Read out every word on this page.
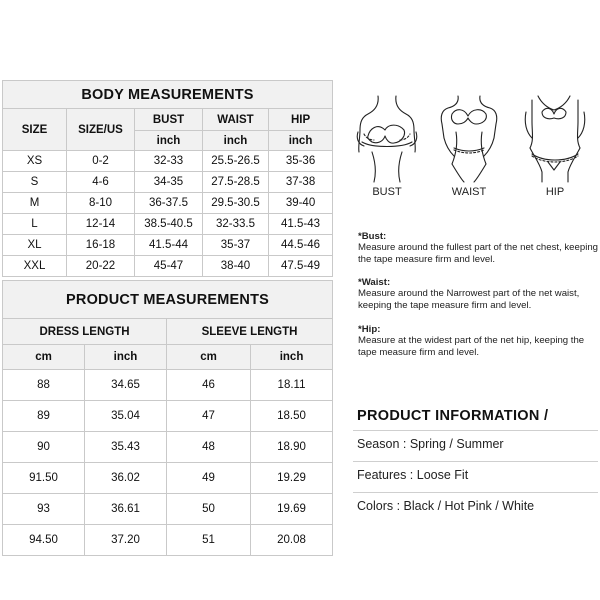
BODY MEASUREMENTS				
SIZE	SIZE/US	BUST	WAIST	HIP
		inch	inch	inch
XS	0-2	32-33	25.5-26.5	35-36
S	4-6	34-35	27.5-28.5	37-38
M	8-10	36-37.5	29.5-30.5	39-40
L	12-14	38.5-40.5	32-33.5	41.5-43
XL	16-18	41.5-44	35-37	44.5-46
XXL	20-22	45-47	38-40	47.5-49
PRODUCT MEASUREMENTS			
DRESS LENGTH		SLEEVE LENGTH	
cm	inch	cm	inch
88	34.65	46	18.11
89	35.04	47	18.50
90	35.43	48	18.90
91.50	36.02	49	19.29
93	36.61	50	19.69
94.50	37.20	51	20.08
BUST	WAIST	HIP
*Bust:
Measure around the fullest part of the net chest, keeping the tape measure firm and level.
*Waist:
Measure around the Narrowest part of the net waist, keeping the tape measure firm and level.
*Hip:
Measure at the widest part of the net hip, keeping the tape measure firm and level.
PRODUCT INFORMATION /
Season : Spring / Summer
Features : Loose Fit
Colors : Black / Hot Pink / White
